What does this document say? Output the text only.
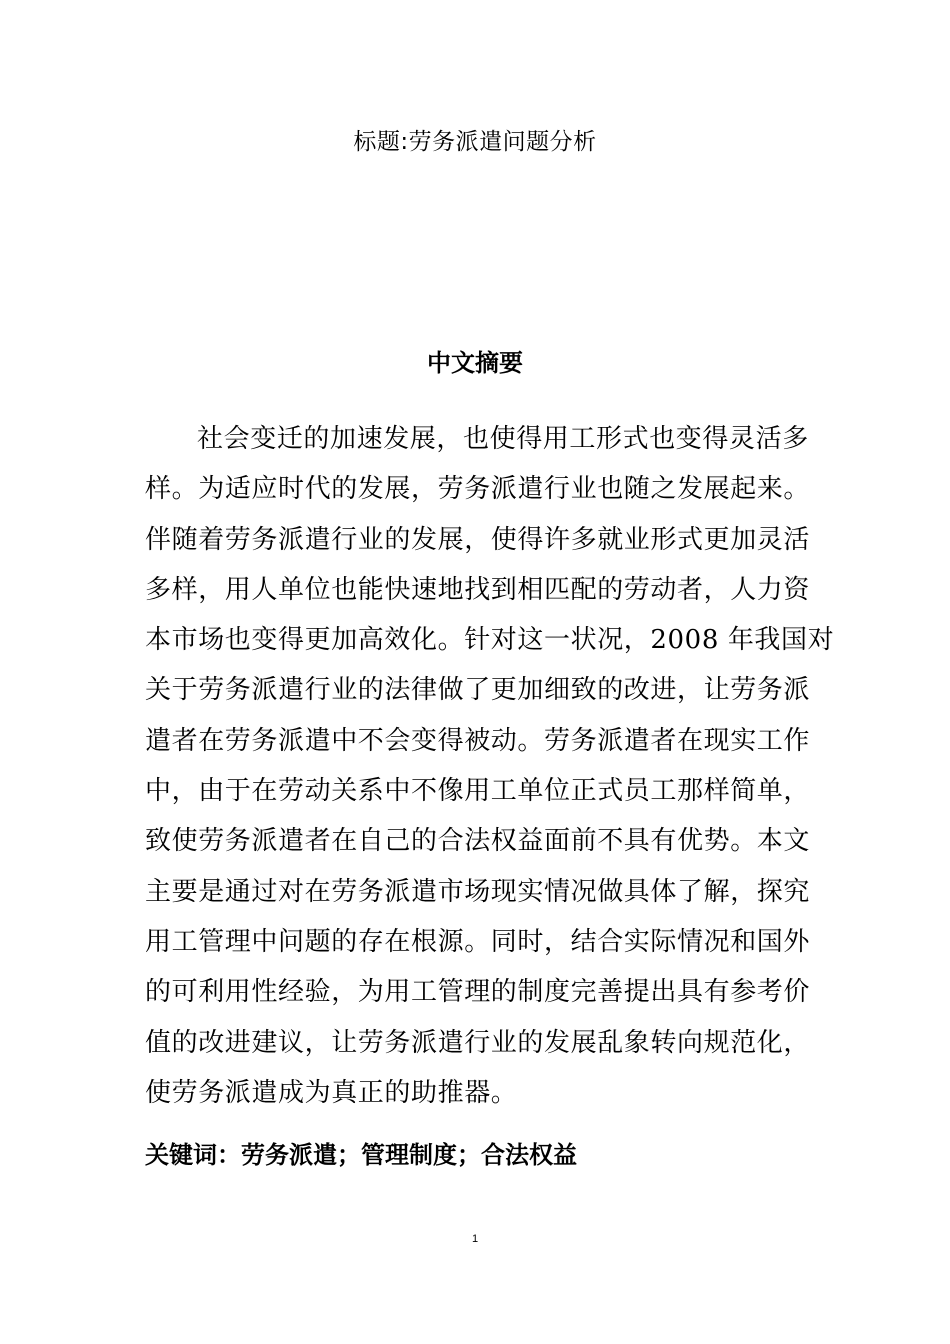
标题:劳务派遣问题分析
中文摘要
社会变迁的加速发展，也使得用工形式也变得灵活多
样。为适应时代的发展，劳务派遣行业也随之发展起来。
伴随着劳务派遣行业的发展，使得许多就业形式更加灵活
多样，用人单位也能快速地找到相匹配的劳动者，人力资
本市场也变得更加高效化。针对这一状况，2008 年我国对
关于劳务派遣行业的法律做了更加细致的改进，让劳务派
遣者在劳务派遣中不会变得被动。劳务派遣者在现实工作
中，由于在劳动关系中不像用工单位正式员工那样简单，
致使劳务派遣者在自己的合法权益面前不具有优势。本文
主要是通过对在劳务派遣市场现实情况做具体了解，探究
用工管理中问题的存在根源。同时，结合实际情况和国外
的可利用性经验，为用工管理的制度完善提出具有参考价
值的改进建议，让劳务派遣行业的发展乱象转向规范化，
使劳务派遣成为真正的助推器。
关键词：劳务派遣；管理制度；合法权益
1
